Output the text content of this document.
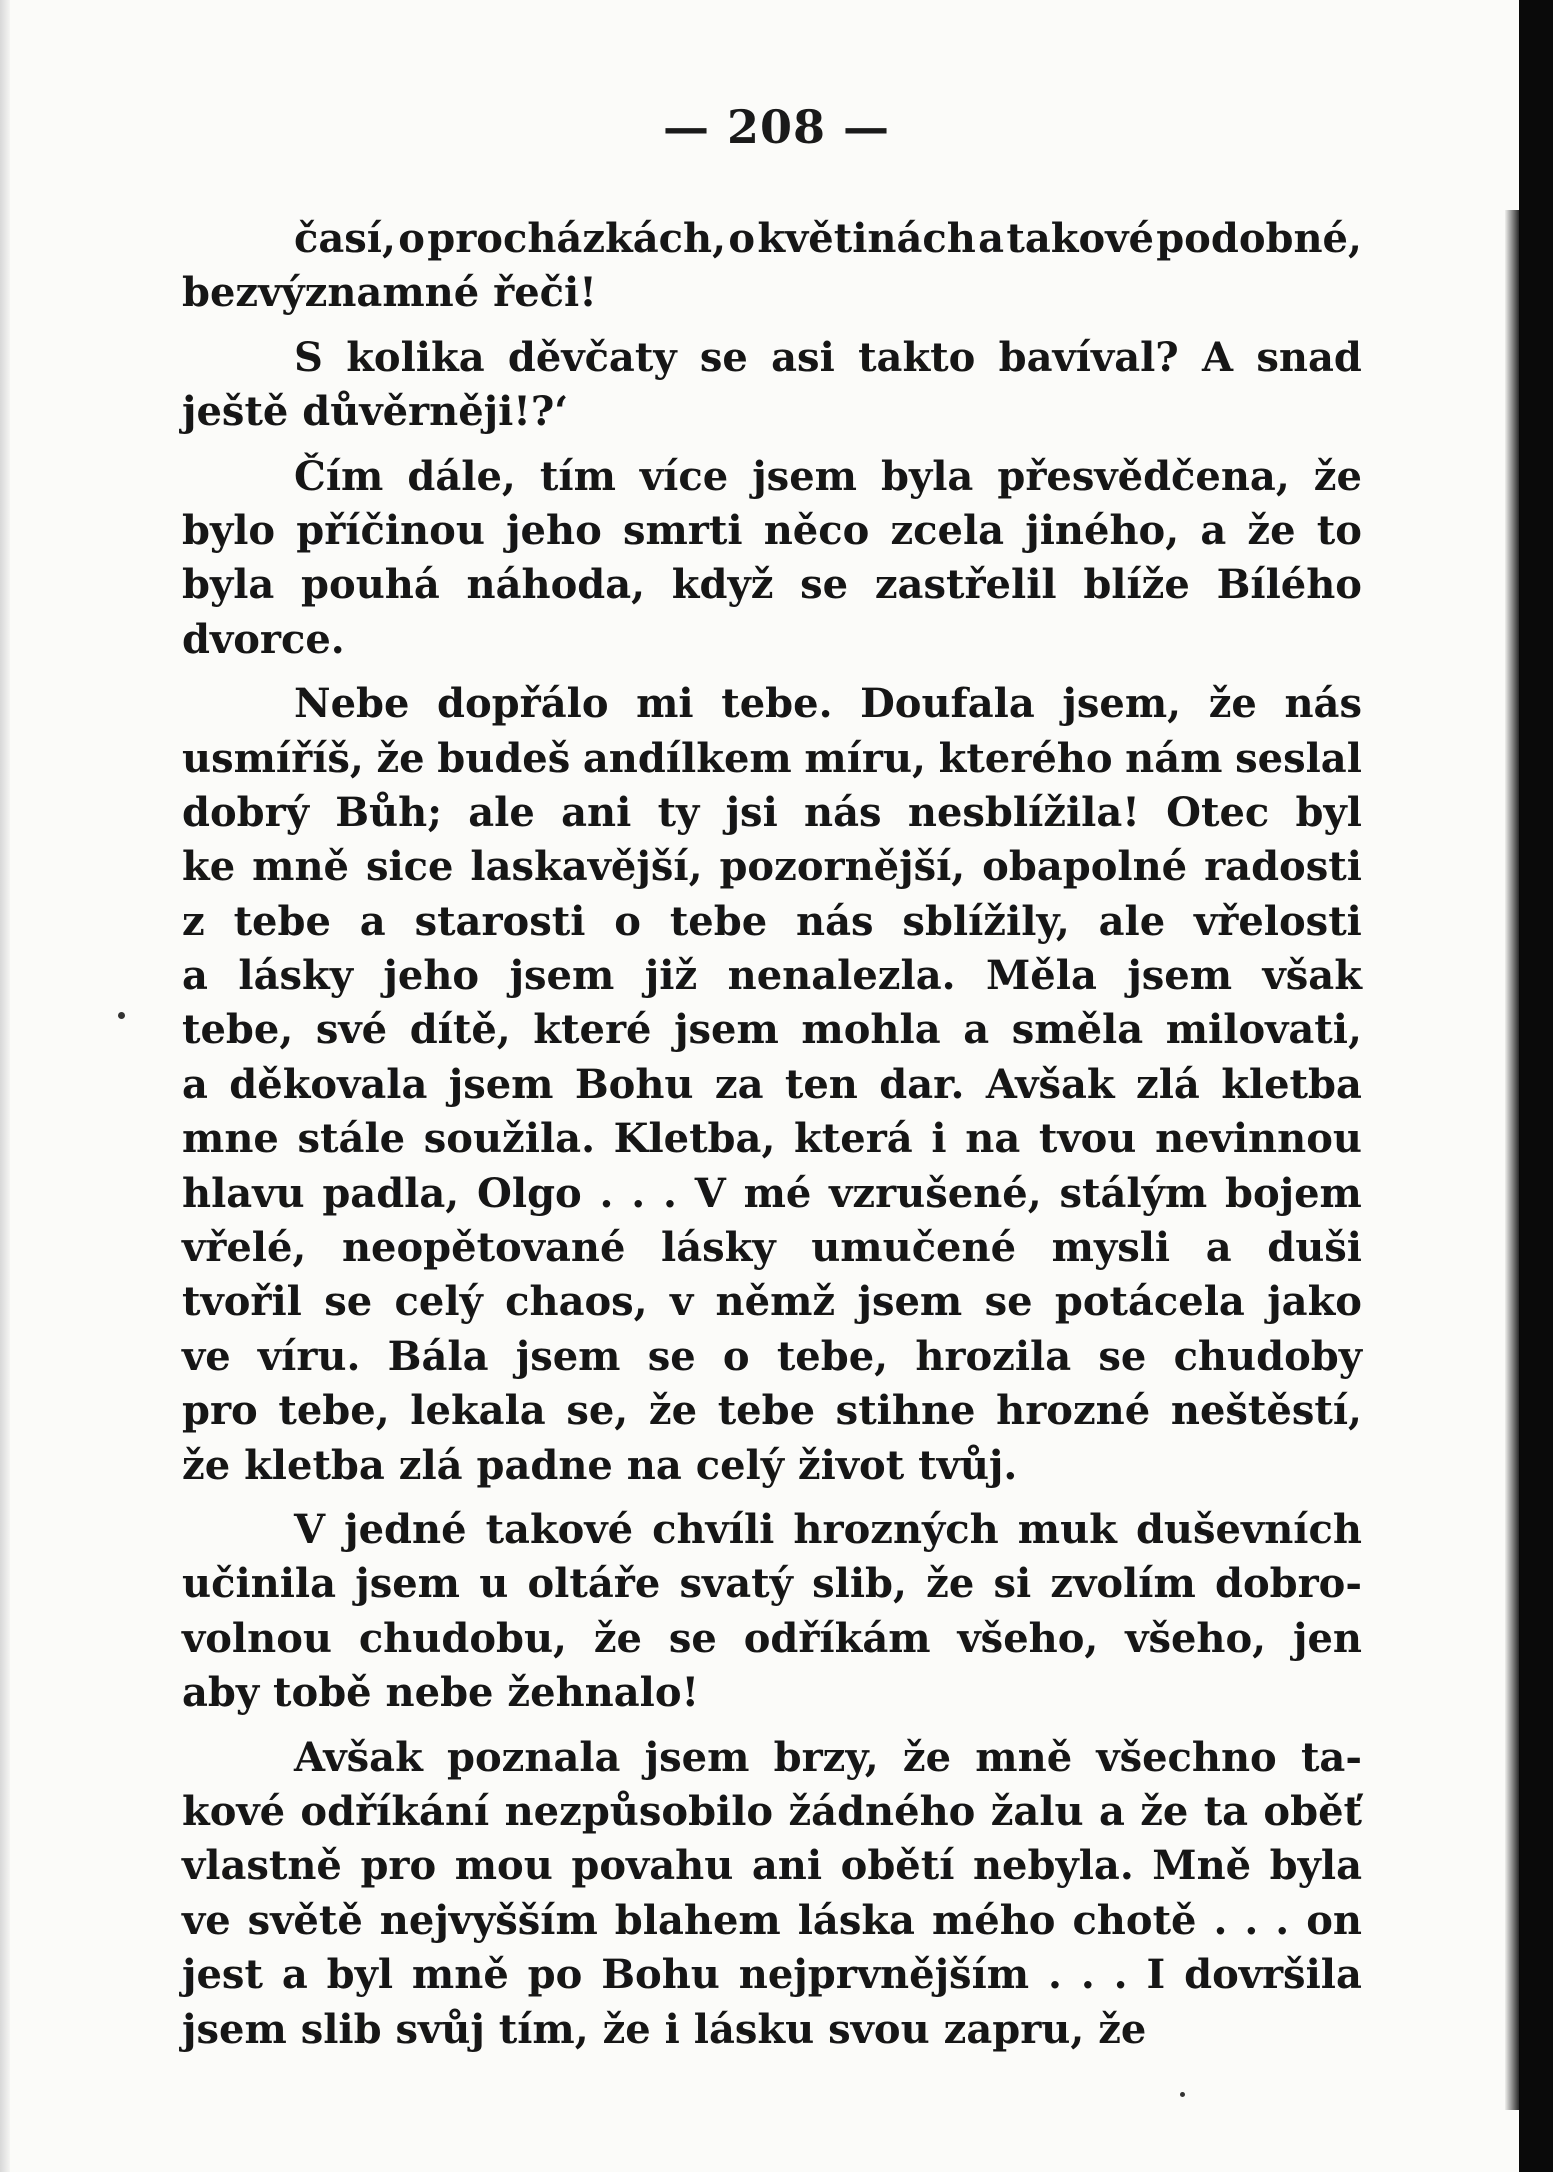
— 208 —
časí, o procházkách, o květinách a takové podobné,
bezvýznamné řeči!
S kolika děvčaty se asi takto bavíval? A snad
ještě důvěrněji!?‘
Čím dále, tím více jsem byla přesvědčena, že
bylo příčinou jeho smrti něco zcela jiného, a že to
byla pouhá náhoda, když se zastřelil blíže Bílého
dvorce.
Nebe dopřálo mi tebe. Doufala jsem, že nás
usmíříš, že budeš andílkem míru, kterého nám seslal
dobrý Bůh; ale ani ty jsi nás nesblížila! Otec byl
ke mně sice laskavější, pozornější, obapolné radosti
z tebe a starosti o tebe nás sblížily, ale vřelosti
a lásky jeho jsem již nenalezla. Měla jsem však
tebe, své dítě, které jsem mohla a směla milovati,
a děkovala jsem Bohu za ten dar. Avšak zlá kletba
mne stále soužila. Kletba, která i na tvou nevinnou
hlavu padla, Olgo . . . V mé vzrušené, stálým bojem
vřelé, neopětované lásky umučené mysli a duši
tvořil se celý chaos, v němž jsem se potácela jako
ve víru. Bála jsem se o tebe, hrozila se chudoby
pro tebe, lekala se, že tebe stihne hrozné neštěstí,
že kletba zlá padne na celý život tvůj.
V jedné takové chvíli hrozných muk duševních
učinila jsem u oltáře svatý slib, že si zvolím dobro-
volnou chudobu, že se odříkám všeho, všeho, jen
aby tobě nebe žehnalo!
Avšak poznala jsem brzy, že mně všechno ta-
kové odříkání nezpůsobilo žádného žalu a že ta oběť
vlastně pro mou povahu ani obětí nebyla. Mně byla
ve světě nejvyšším blahem láska mého chotě . . . on
jest a byl mně po Bohu nejprvnějším . . . I dovršila
jsem slib svůj tím, že i lásku svou zapru, že
